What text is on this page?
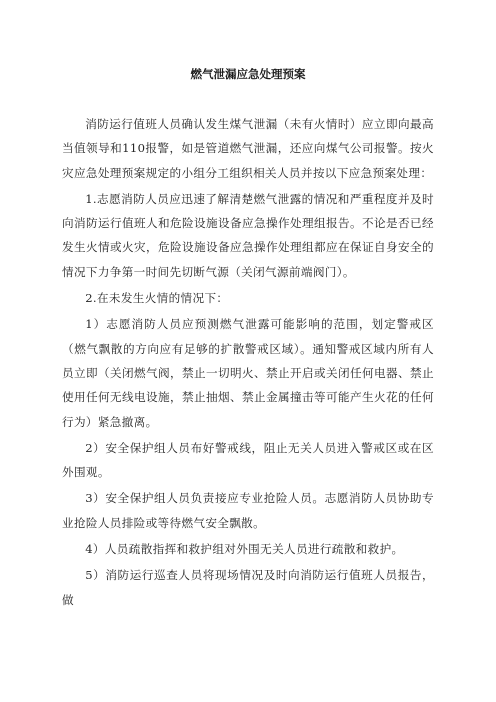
燃气泄漏应急处理预案

消防运行值班人员确认发生煤气泄漏（未有火情时）应立即向最高当值领导和110报警，如是管道燃气泄漏，还应向煤气公司报警。按火灾应急处理预案规定的小组分工组织相关人员并按以下应急预案处理：

1.志愿消防人员应迅速了解清楚燃气泄露的情况和严重程度并及时向消防运行值班人和危险设施设备应急操作处理组报告。不论是否已经发生火情或火灾，危险设施设备应急操作处理组都应在保证自身安全的情况下力争第一时间先切断气源（关闭气源前端阀门）。

2.在未发生火情的情况下：

1）志愿消防人员应预测燃气泄露可能影响的范围，划定警戒区（燃气飘散的方向应有足够的扩散警戒区域）。通知警戒区域内所有人员立即（关闭燃气阀，禁止一切明火、禁止开启或关闭任何电器、禁止使用任何无线电设施，禁止抽烟、禁止金属撞击等可能产生火花的任何行为）紧急撤离。

2）安全保护组人员布好警戒线，阻止无关人员进入警戒区或在区外围观。

3）安全保护组人员负责接应专业抢险人员。志愿消防人员协助专业抢险人员排险或等待燃气安全飘散。

4）人员疏散指挥和救护组对外围无关人员进行疏散和救护。

5）消防运行巡查人员将现场情况及时向消防运行值班人员报告，做
